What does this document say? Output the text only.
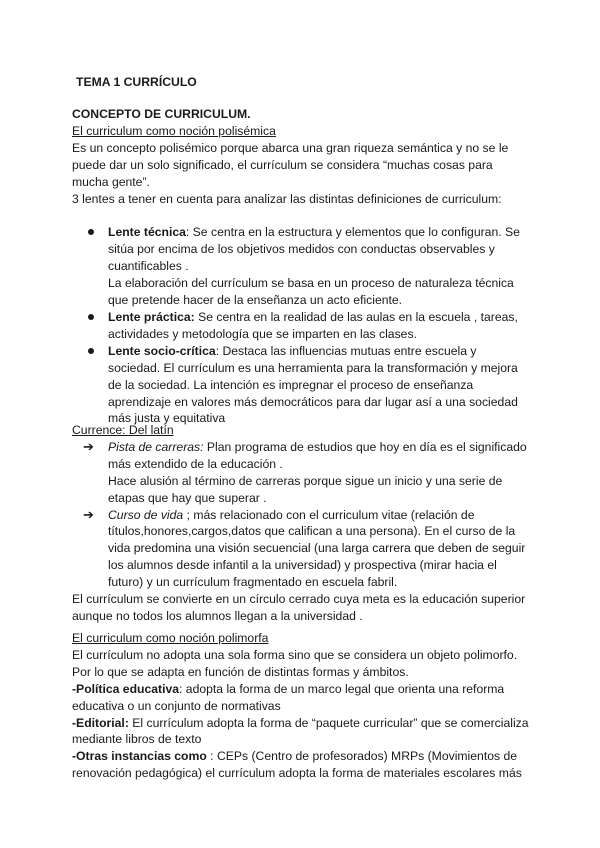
TEMA 1 CURRÍCULO

CONCEPTO DE CURRICULUM.

El curriculum como noción polisémica

Es un concepto polisémico porque abarca una gran riqueza semántica y no se le puede dar un solo significado, el currículum se considera “muchas cosas para mucha gente”.

3 lentes a tener en cuenta para analizar las distintas definiciones de curriculum:

Lente técnica: Se centra en la estructura y elementos que lo configuran. Se sitúa por encima de los objetivos medidos con conductas observables y cuantificables .

La elaboración del currículum se basa en un proceso de naturaleza técnica que pretende hacer de la enseñanza un acto eficiente.

Lente práctica: Se centra en la realidad de las aulas en la escuela , tareas, actividades y metodología que se imparten en las clases.
Lente socio-crítica: Destaca las influencias mutuas entre escuela y sociedad. El currículum es una herramienta para la transformación y mejora de la sociedad. La intención es impregnar el proceso de enseñanza aprendizaje en valores más democráticos para dar lugar así a una sociedad más justa y equitativa

Currence: Del latín

➔ Pista de carreras: Plan programa de estudios que hoy en día es el significado más extendido de la educación .

Hace alusión al término de carreras porque sigue un inicio y una serie de etapas que hay que superar .

➔ Curso de vida ; más relacionado con el curriculum vitae (relación de títulos,honores,cargos,datos que califican a una persona). En el curso de la vida predomina una visión secuencial (una larga carrera que deben de seguir los alumnos desde infantil a la universidad) y prospectiva (mirar hacia el futuro) y un currículum fragmentado en escuela fabril.

El currículum se convierte en un círculo cerrado cuya meta es la educación superior aunque no todos los alumnos llegan a la universidad .

El curriculum como noción polimorfa

El currículum no adopta una sola forma sino que se considera un objeto polimorfo. Por lo que se adapta en función de distintas formas y ámbitos.

-Política educativa: adopta la forma de un marco legal que orienta una reforma educativa o un conjunto de normativas

-Editorial: El currículum adopta la forma de “paquete curricular” que se comercializa mediante libros de texto

-Otras instancias como : CEPs (Centro de profesorados) MRPs (Movimientos de renovación pedagógica) el currículum adopta la forma de materiales escolares más
